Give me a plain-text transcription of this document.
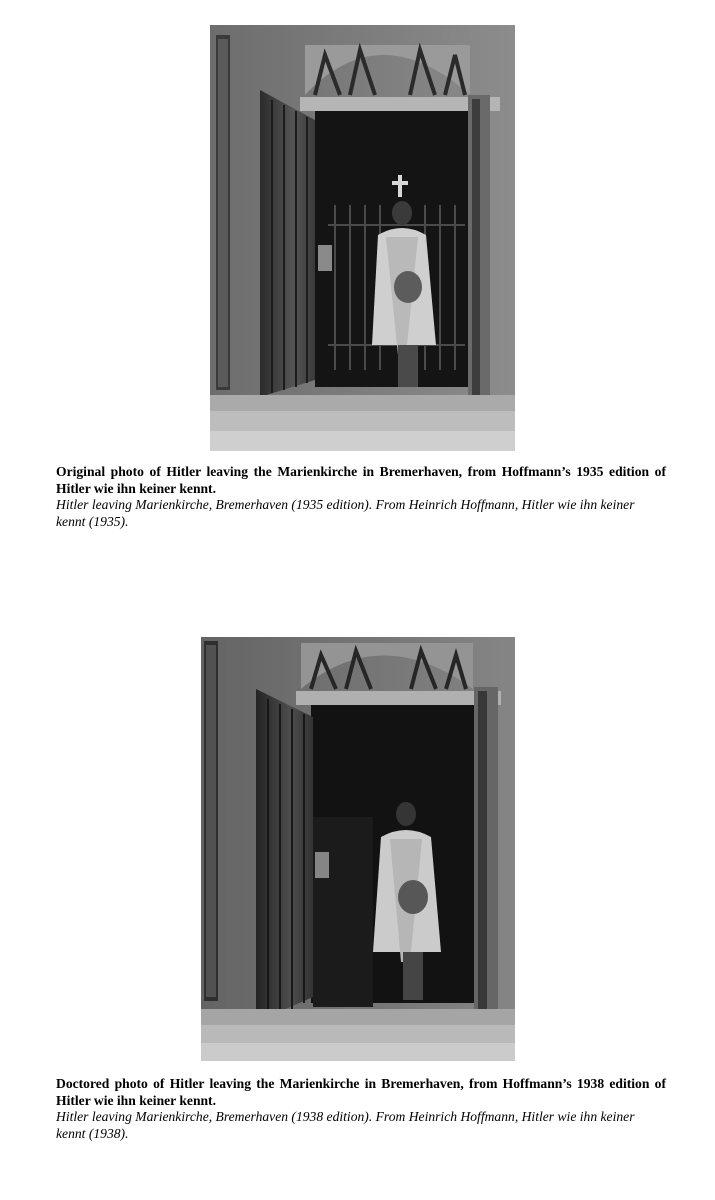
Original photo of Hitler leaving the Marienkirche in Bremerhaven, from Hoffmann’s 1935 edition of Hitler wie ihn keiner kennt.
Hitler leaving Marienkirche, Bremerhaven (1935 edition). From Heinrich Hoffmann, Hitler wie ihn keiner kennt (1935).
Doctored photo of Hitler leaving the Marienkirche in Bremerhaven, from Hoffmann’s 1938 edition of Hitler wie ihn keiner kennt.
Hitler leaving Marienkirche, Bremerhaven (1938 edition). From Heinrich Hoffmann, Hitler wie ihn keiner kennt (1938).
